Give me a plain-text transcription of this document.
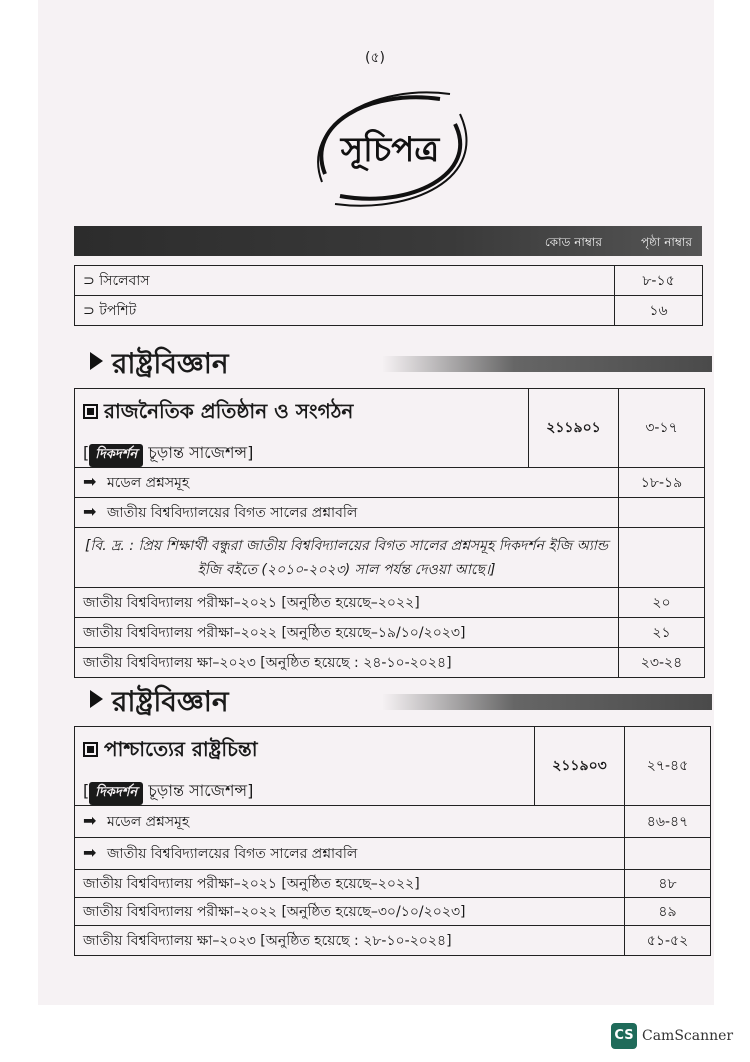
(৫)
সূচিপত্র
কোড নাম্বার	পৃষ্ঠা নাম্বার
⊃ সিলেবাস	৮-১৫
⊃ টপশিট	১৬
রাষ্ট্রবিজ্ঞান
রাজনৈতিক প্রতিষ্ঠান ও সংগঠন
[ দিকদর্শন চূড়ান্ত সাজেশন্স]	২১১৯০১	৩-১৭
➡ মডেল প্রশ্নসমূহ		১৮-১৯
➡ জাতীয় বিশ্ববিদ্যালয়ের বিগত সালের প্রশ্নাবলি		
[বি. দ্র. : প্রিয় শিক্ষার্থী বন্ধুরা জাতীয় বিশ্ববিদ্যালয়ের বিগত সালের প্রশ্নসমূহ দিকদর্শন ইজি অ্যান্ড ইজি বইতে (২০১০-২০২৩) সাল পর্যন্ত দেওয়া আছে।]		
জাতীয় বিশ্ববিদ্যালয় পরীক্ষা–২০২১ [অনুষ্ঠিত হয়েছে–২০২২]		২০
জাতীয় বিশ্ববিদ্যালয় পরীক্ষা–২০২২ [অনুষ্ঠিত হয়েছে–১৯/১০/২০২৩]		২১
জাতীয় বিশ্ববিদ্যালয় ক্ষা–২০২৩ [অনুষ্ঠিত হয়েছে : ২৪-১০-২০২৪]		২৩-২৪
রাষ্ট্রবিজ্ঞান
পাশ্চাত্যের রাষ্ট্রচিন্তা
[ দিকদর্শন চূড়ান্ত সাজেশন্স]	২১১৯০৩	২৭-৪৫
➡ মডেল প্রশ্নসমূহ		৪৬-৪৭
➡ জাতীয় বিশ্ববিদ্যালয়ের বিগত সালের প্রশ্নাবলি		
জাতীয় বিশ্ববিদ্যালয় পরীক্ষা–২০২১ [অনুষ্ঠিত হয়েছে–২০২২]		৪৮
জাতীয় বিশ্ববিদ্যালয় পরীক্ষা–২০২২ [অনুষ্ঠিত হয়েছে–৩০/১০/২০২৩]		৪৯
জাতীয় বিশ্ববিদ্যালয় ক্ষা–২০২৩ [অনুষ্ঠিত হয়েছে : ২৮-১০-২০২৪]		৫১-৫২
CS CamScanner
